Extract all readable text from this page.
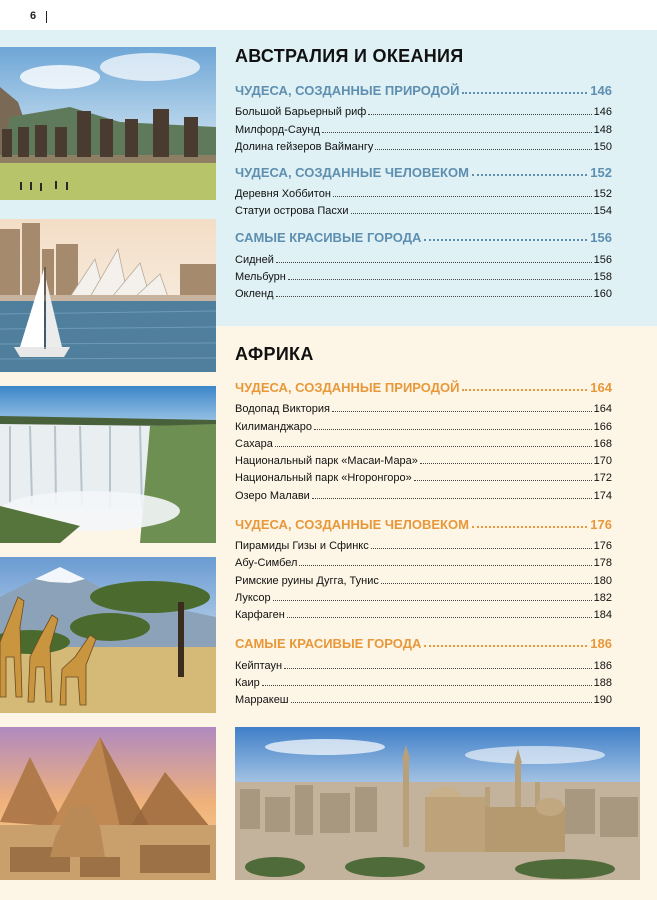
6
АВСТРАЛИЯ И ОКЕАНИЯ
ЧУДЕСА, СОЗДАННЫЕ ПРИРОДОЙ	146
Большой Барьерный риф	146
Милфорд-Саунд	148
Долина гейзеров Ваймангу	150
ЧУДЕСА, СОЗДАННЫЕ ЧЕЛОВЕКОМ	152
Деревня Хоббитон	152
Статуи острова Пасхи	154
САМЫЕ КРАСИВЫЕ ГОРОДА	156
Сидней	156
Мельбурн	158
Окленд	160
АФРИКА
ЧУДЕСА, СОЗДАННЫЕ ПРИРОДОЙ	164
Водопад Виктория	164
Килиманджаро	166
Сахара	168
Национальный парк «Масаи-Мара»	170
Национальный парк «Нгоронгоро»	172
Озеро Малави	174
ЧУДЕСА, СОЗДАННЫЕ ЧЕЛОВЕКОМ	176
Пирамиды Гизы и Сфинкс	176
Абу-Симбел	178
Римские руины Дугга, Тунис	180
Луксор	182
Карфаген	184
САМЫЕ КРАСИВЫЕ ГОРОДА	186
Кейптаун	186
Каир	188
Марракеш	190
